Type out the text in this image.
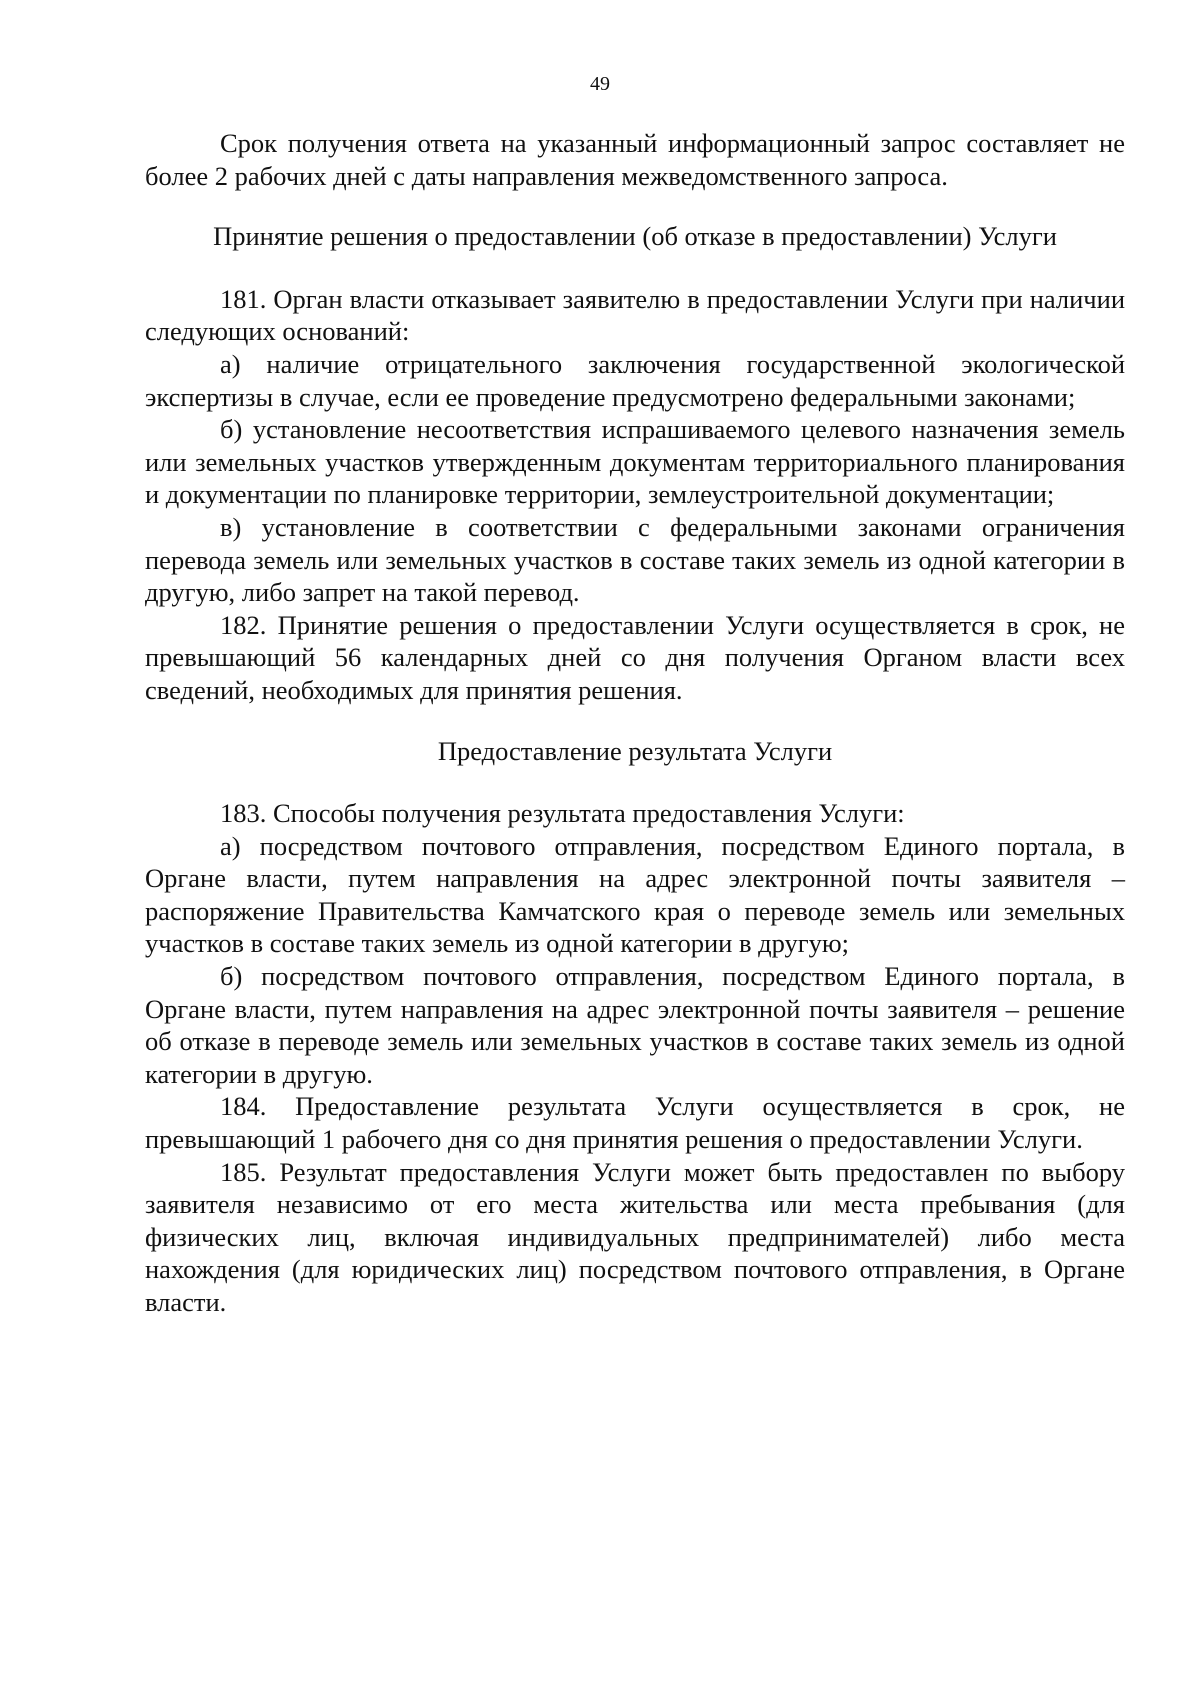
49

Срок получения ответа на указанный информационный запрос составляет не более 2 рабочих дней с даты направления межведомственного запроса.

Принятие решения о предоставлении (об отказе в предоставлении) Услуги

181. Орган власти отказывает заявителю в предоставлении Услуги при наличии следующих оснований:

а) наличие отрицательного заключения государственной экологической экспертизы в случае, если ее проведение предусмотрено федеральными законами;

б) установление несоответствия испрашиваемого целевого назначения земель или земельных участков утвержденным документам территориального планирования и документации по планировке территории, землеустроительной документации;

в) установление в соответствии с федеральными законами ограничения перевода земель или земельных участков в составе таких земель из одной категории в другую, либо запрет на такой перевод.

182. Принятие решения о предоставлении Услуги осуществляется в срок, не превышающий 56 календарных дней со дня получения Органом власти всех сведений, необходимых для принятия решения.

Предоставление результата Услуги

183. Способы получения результата предоставления Услуги:

а) посредством почтового отправления, посредством Единого портала, в Органе власти, путем направления на адрес электронной почты заявителя – распоряжение Правительства Камчатского края о переводе земель или земельных участков в составе таких земель из одной категории в другую;

б) посредством почтового отправления, посредством Единого портала, в Органе власти, путем направления на адрес электронной почты заявителя – решение об отказе в переводе земель или земельных участков в составе таких земель из одной категории в другую.

184. Предоставление результата Услуги осуществляется в срок, не превышающий 1 рабочего дня со дня принятия решения о предоставлении Услуги.

185. Результат предоставления Услуги может быть предоставлен по выбору заявителя независимо от его места жительства или места пребывания (для физических лиц, включая индивидуальных предпринимателей) либо места нахождения (для юридических лиц) посредством почтового отправления, в Органе власти.
